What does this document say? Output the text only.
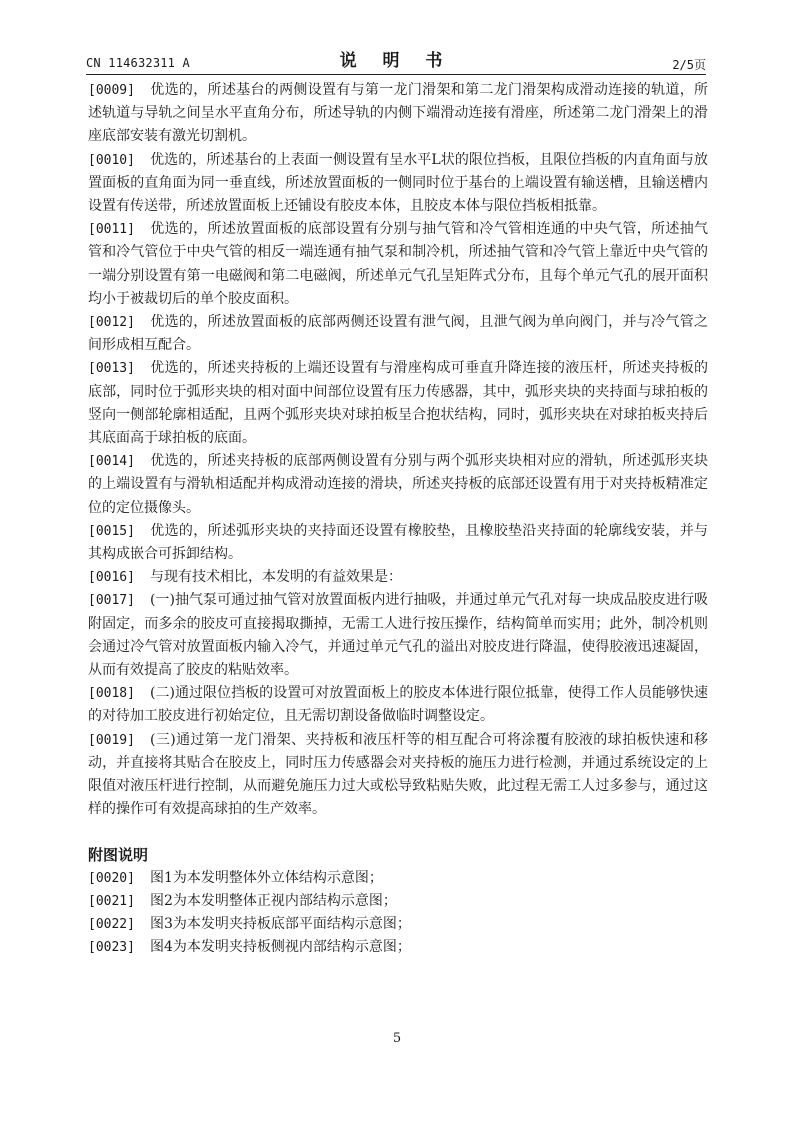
CN 114632311 A	说 明 书	2/5页
[0009] 优选的，所述基台的两侧设置有与第一龙门滑架和第二龙门滑架构成滑动连接的轨道，所述轨道与导轨之间呈水平直角分布，所述导轨的内侧下端滑动连接有滑座，所述第二龙门滑架上的滑座底部安装有激光切割机。
[0010] 优选的，所述基台的上表面一侧设置有呈水平L状的限位挡板，且限位挡板的内直角面与放置面板的直角面为同一垂直线，所述放置面板的一侧同时位于基台的上端设置有输送槽，且输送槽内设置有传送带，所述放置面板上还铺设有胶皮本体，且胶皮本体与限位挡板相抵靠。
[0011] 优选的，所述放置面板的底部设置有分别与抽气管和冷气管相连通的中央气管，所述抽气管和冷气管位于中央气管的相反一端连通有抽气泵和制冷机，所述抽气管和冷气管上靠近中央气管的一端分别设置有第一电磁阀和第二电磁阀，所述单元气孔呈矩阵式分布，且每个单元气孔的展开面积均小于被裁切后的单个胶皮面积。
[0012] 优选的，所述放置面板的底部两侧还设置有泄气阀，且泄气阀为单向阀门，并与冷气管之间形成相互配合。
[0013] 优选的，所述夹持板的上端还设置有与滑座构成可垂直升降连接的液压杆，所述夹持板的底部，同时位于弧形夹块的相对面中间部位设置有压力传感器，其中，弧形夹块的夹持面与球拍板的竖向一侧部轮廓相适配，且两个弧形夹块对球拍板呈合抱状结构，同时，弧形夹块在对球拍板夹持后其底面高于球拍板的底面。
[0014] 优选的，所述夹持板的底部两侧设置有分别与两个弧形夹块相对应的滑轨，所述弧形夹块的上端设置有与滑轨相适配并构成滑动连接的滑块，所述夹持板的底部还设置有用于对夹持板精准定位的定位摄像头。
[0015] 优选的，所述弧形夹块的夹持面还设置有橡胶垫，且橡胶垫沿夹持面的轮廓线安装，并与其构成嵌合可拆卸结构。
[0016] 与现有技术相比，本发明的有益效果是：
[0017] (一)抽气泵可通过抽气管对放置面板内进行抽吸，并通过单元气孔对每一块成品胶皮进行吸附固定，而多余的胶皮可直接揭取撕掉，无需工人进行按压操作，结构简单而实用；此外，制冷机则会通过冷气管对放置面板内输入冷气，并通过单元气孔的溢出对胶皮进行降温，使得胶液迅速凝固，从而有效提高了胶皮的粘贴效率。
[0018] (二)通过限位挡板的设置可对放置面板上的胶皮本体进行限位抵靠，使得工作人员能够快速的对待加工胶皮进行初始定位，且无需切割设备做临时调整设定。
[0019] (三)通过第一龙门滑架、夹持板和液压杆等的相互配合可将涂覆有胶液的球拍板快速和移动，并直接将其贴合在胶皮上，同时压力传感器会对夹持板的施压力进行检测，并通过系统设定的上限值对液压杆进行控制，从而避免施压力过大或松导致粘贴失败，此过程无需工人过多参与，通过这样的操作可有效提高球拍的生产效率。
附图说明
[0020] 图1为本发明整体外立体结构示意图；
[0021] 图2为本发明整体正视内部结构示意图；
[0022] 图3为本发明夹持板底部平面结构示意图；
[0023] 图4为本发明夹持板侧视内部结构示意图；
5
